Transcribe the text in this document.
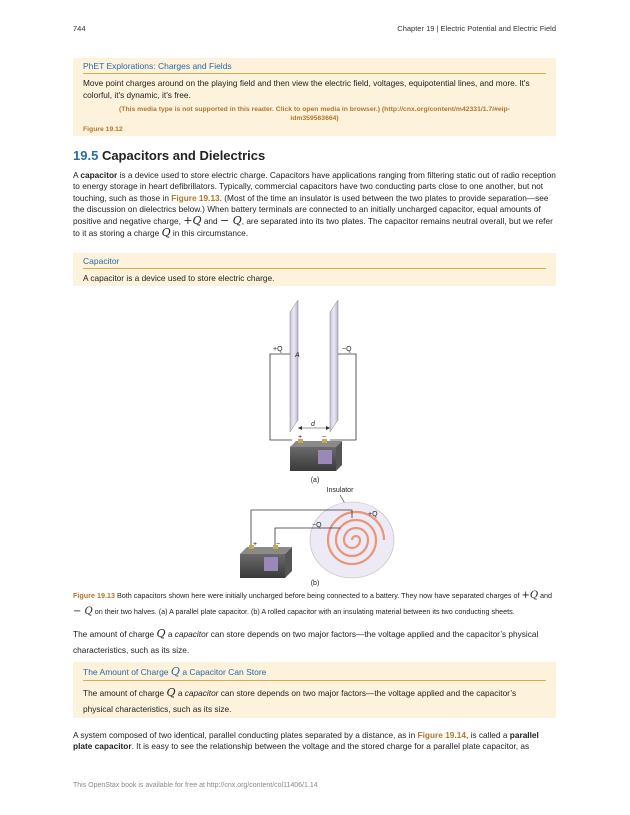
744	Chapter 19 | Electric Potential and Electric Field
PhET Explorations: Charges and Fields
Move point charges around on the playing field and then view the electric field, voltages, equipotential lines, and more. It's colorful, it's dynamic, it's free.
(This media type is not supported in this reader. Click to open media in browser.) (http://cnx.org/content/m42331/1.7/#eip-
idm359563664)
Figure 19.12
19.5 Capacitors and Dielectrics
A capacitor is a device used to store electric charge. Capacitors have applications ranging from filtering static out of radio reception to energy storage in heart defibrillators. Typically, commercial capacitors have two conducting parts close to one another, but not touching, such as those in Figure 19.13. (Most of the time an insulator is used between the two plates to provide separation—see the discussion on dielectrics below.) When battery terminals are connected to an initially uncharged capacitor, equal amounts of positive and negative charge, +Q and − Q, are separated into its two plates. The capacitor remains neutral overall, but we refer to it as storing a charge Q in this circumstance.
Capacitor
A capacitor is a device used to store electric charge.
+Q	−Q
A
d
+	−
(a)
Insulator
+Q
−Q
+	−
(b)
Figure 19.13 Both capacitors shown here were initially uncharged before being connected to a battery. They now have separated charges of +Q and − Q on their two halves. (a) A parallel plate capacitor. (b) A rolled capacitor with an insulating material between its two conducting sheets.
The amount of charge Q a capacitor can store depends on two major factors—the voltage applied and the capacitor’s physical characteristics, such as its size.
The Amount of Charge Q a Capacitor Can Store
The amount of charge Q a capacitor can store depends on two major factors—the voltage applied and the capacitor’s physical characteristics, such as its size.
A system composed of two identical, parallel conducting plates separated by a distance, as in Figure 19.14, is called a parallel plate capacitor. It is easy to see the relationship between the voltage and the stored charge for a parallel plate capacitor, as
This OpenStax book is available for free at http://cnx.org/content/col11406/1.14
